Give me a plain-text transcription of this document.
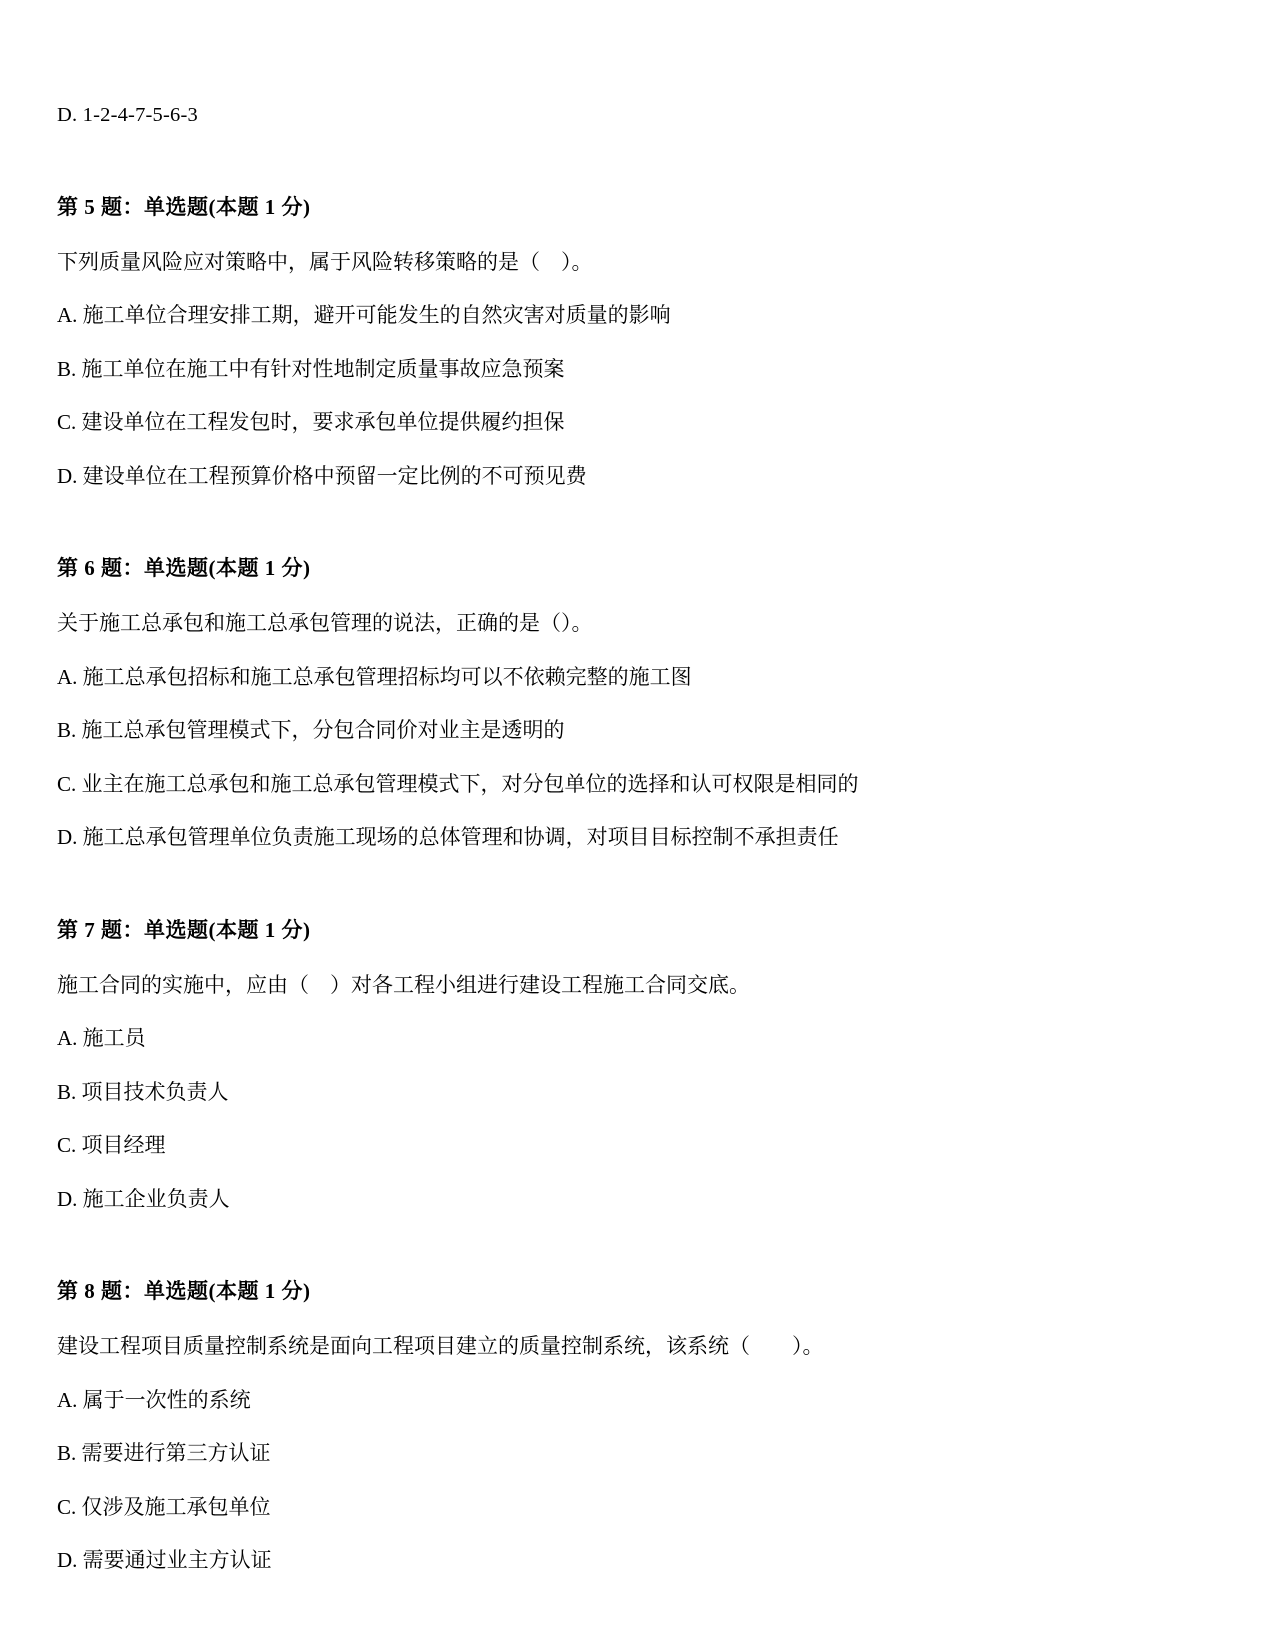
D. 1-2-4-7-5-6-3

第 5 题：单选题(本题 1 分)

下列质量风险应对策略中，属于风险转移策略的是（　）。

A. 施工单位合理安排工期，避开可能发生的自然灾害对质量的影响

B. 施工单位在施工中有针对性地制定质量事故应急预案

C. 建设单位在工程发包时，要求承包单位提供履约担保

D. 建设单位在工程预算价格中预留一定比例的不可预见费

第 6 题：单选题(本题 1 分)

关于施工总承包和施工总承包管理的说法，正确的是（）。

A. 施工总承包招标和施工总承包管理招标均可以不依赖完整的施工图

B. 施工总承包管理模式下，分包合同价对业主是透明的

C. 业主在施工总承包和施工总承包管理模式下，对分包单位的选择和认可权限是相同的

D. 施工总承包管理单位负责施工现场的总体管理和协调，对项目目标控制不承担责任

第 7 题：单选题(本题 1 分)

施工合同的实施中，应由（　）对各工程小组进行建设工程施工合同交底。

A. 施工员

B. 项目技术负责人

C. 项目经理

D. 施工企业负责人

第 8 题：单选题(本题 1 分)

建设工程项目质量控制系统是面向工程项目建立的质量控制系统，该系统（　　）。

A. 属于一次性的系统

B. 需要进行第三方认证

C. 仅涉及施工承包单位

D. 需要通过业主方认证
